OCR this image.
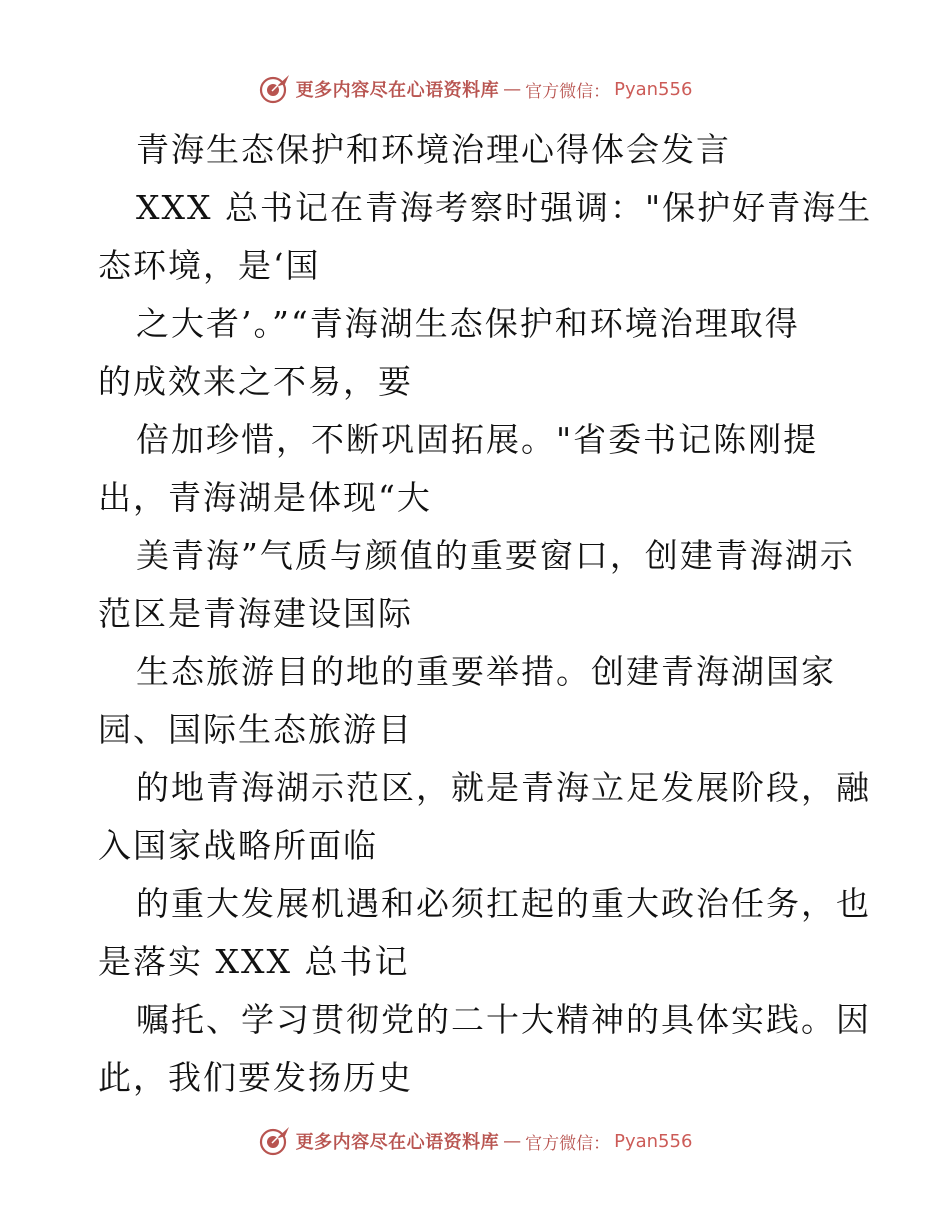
更多内容尽在心语资料库 — 官方微信： Pyan556
青海生态保护和环境治理心得体会发言
XXX 总书记在青海考察时强调："保护好青海生
态环境，是‘国
之大者’。”“青海湖生态保护和环境治理取得
的成效来之不易，要
倍加珍惜，不断巩固拓展。"省委书记陈刚提
出，青海湖是体现“大
美青海”气质与颜值的重要窗口，创建青海湖示
范区是青海建设国际
生态旅游目的地的重要举措。创建青海湖国家
园、国际生态旅游目
的地青海湖示范区，就是青海立足发展阶段，融
入国家战略所面临
的重大发展机遇和必须扛起的重大政治任务，也
是落实 XXX 总书记
嘱托、学习贯彻党的二十大精神的具体实践。因
此，我们要发扬历史
更多内容尽在心语资料库 — 官方微信： Pyan556
